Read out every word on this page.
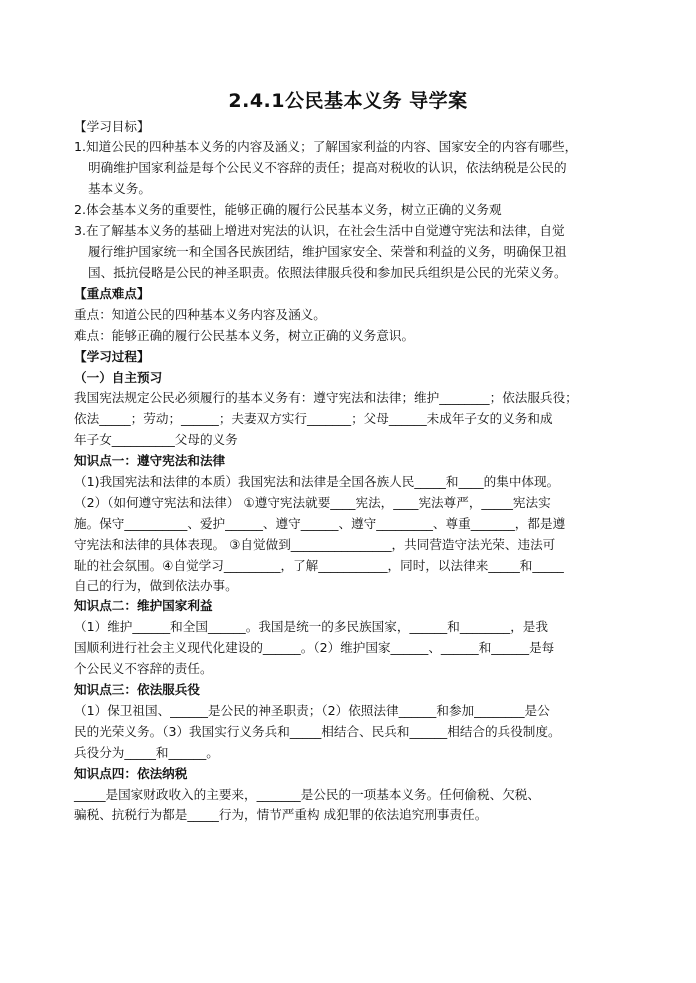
2.4.1公民基本义务 导学案
【学习目标】
1.知道公民的四种基本义务的内容及涵义；了解国家利益的内容、国家安全的内容有哪些，
明确维护国家利益是每个公民义不容辞的责任；提高对税收的认识，依法纳税是公民的
基本义务。
2.体会基本义务的重要性，能够正确的履行公民基本义务，树立正确的义务观
3.在了解基本义务的基础上增进对宪法的认识，在社会生活中自觉遵守宪法和法律，自觉
履行维护国家统一和全国各民族团结，维护国家安全、荣誉和利益的义务，明确保卫祖
国、抵抗侵略是公民的神圣职责。依照法律服兵役和参加民兵组织是公民的光荣义务。
【重点难点】
重点：知道公民的四种基本义务内容及涵义。
难点：能够正确的履行公民基本义务，树立正确的义务意识。
【学习过程】
（一）自主预习
我国宪法规定公民必须履行的基本义务有：遵守宪法和法律；维护________；依法服兵役；
依法_____；劳动；______；夫妻双方实行_______；父母______未成年子女的义务和成
年子女__________父母的义务
知识点一：遵守宪法和法律
（1)我国宪法和法律的本质）我国宪法和法律是全国各族人民_____和____的集中体现。
（2）（如何遵守宪法和法律） ①遵守宪法就要____宪法，____宪法尊严，_____宪法实
施。保守__________、爱护______、遵守______、遵守_________、尊重_______，都是遵
守宪法和法律的具体表现。 ③自觉做到________________，共同营造守法光荣、违法可
耻的社会氛围。④自觉学习_________，了解___________，同时，以法律来_____和_____
自己的行为，做到依法办事。
知识点二：维护国家利益
（1）维护______和全国______。我国是统一的多民族国家，______和________，是我
国顺利进行社会主义现代化建设的______。（2）维护国家______、______和______是每
个公民义不容辞的责任。
知识点三：依法服兵役
（1）保卫祖国、______是公民的神圣职责；（2）依照法律______和参加________是公
民的光荣义务。（3）我国实行义务兵和_____相结合、民兵和______相结合的兵役制度。
兵役分为_____和______。
知识点四：依法纳税
_____是国家财政收入的主要来，_______是公民的一项基本义务。任何偷税、欠税、
骗税、抗税行为都是_____行为，情节严重构 成犯罪的依法追究刑事责任。
